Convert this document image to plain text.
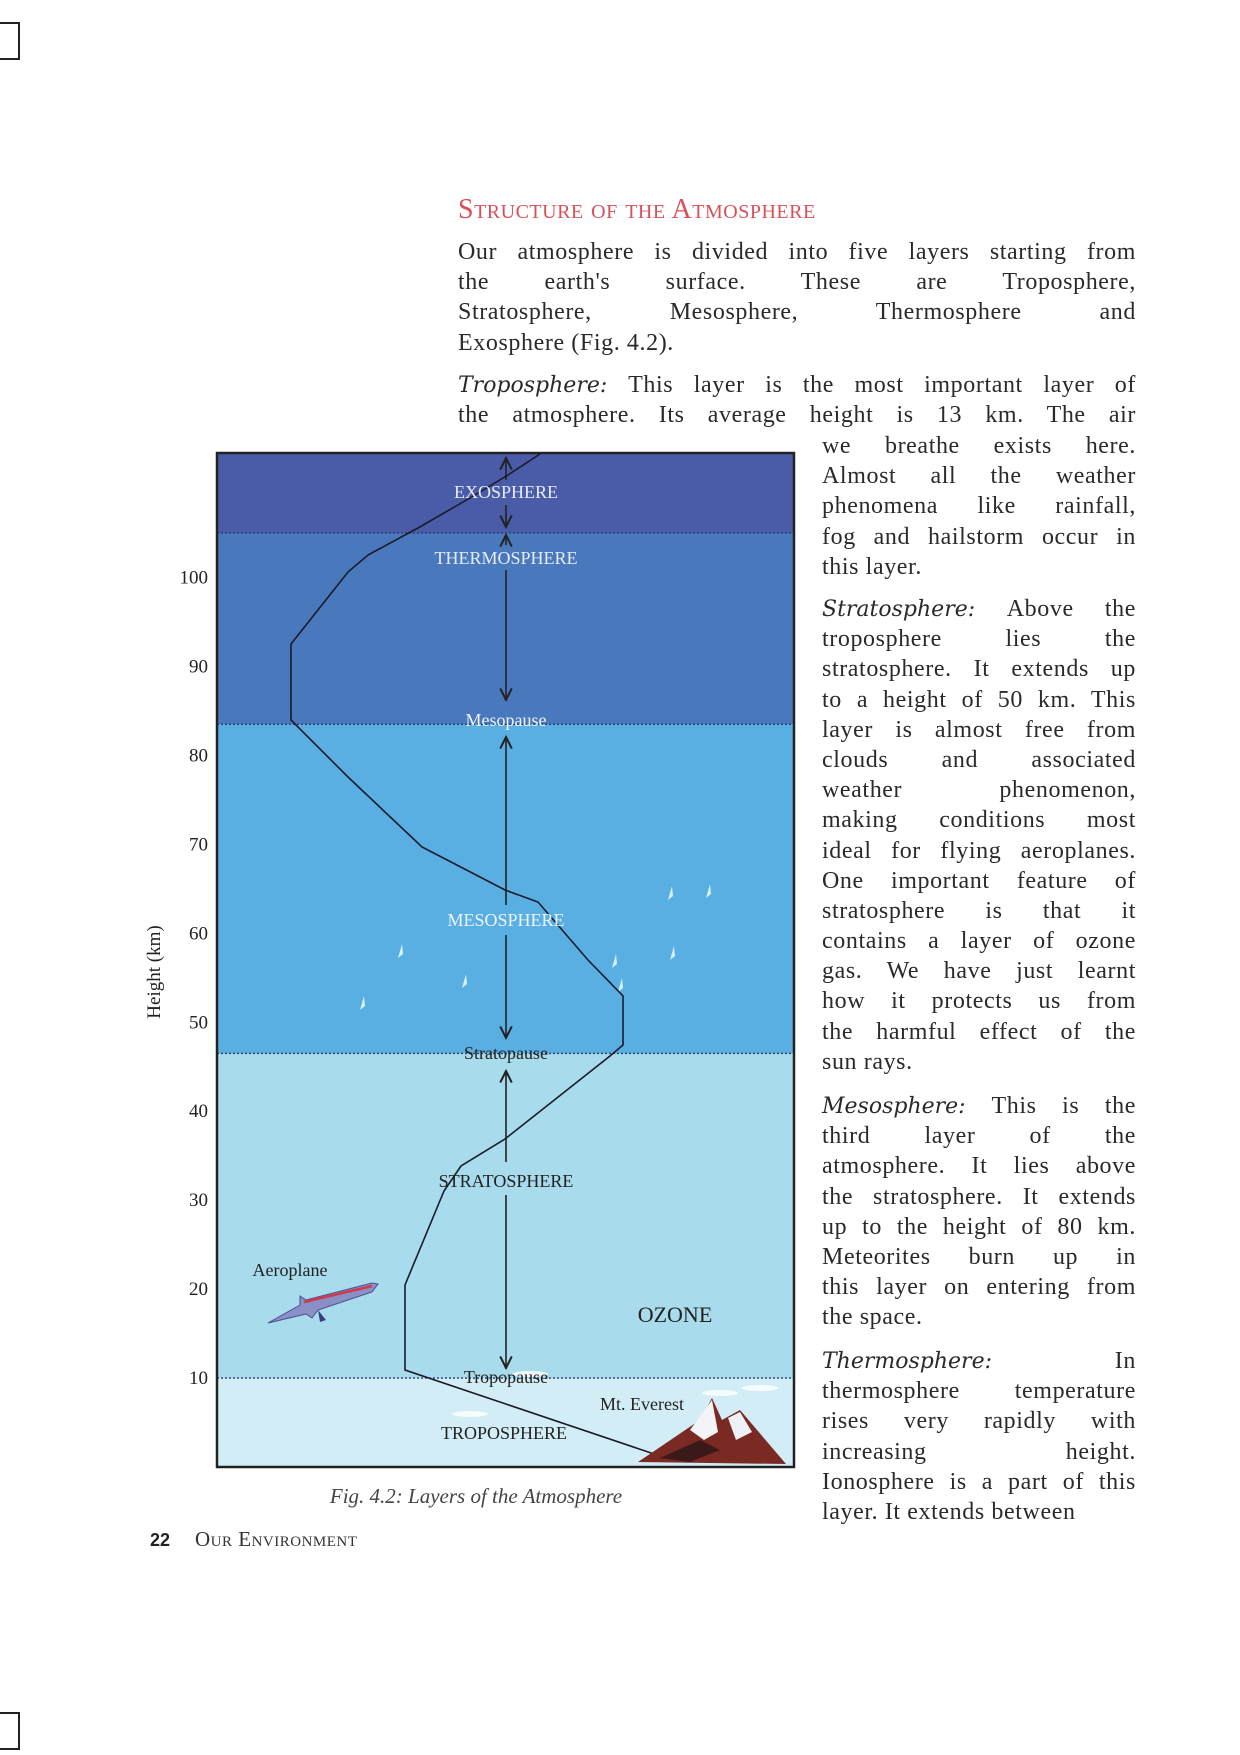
Structure of the Atmosphere
Our atmosphere is divided into five layers starting from
the earth's surface. These are Troposphere,
Stratosphere, Mesosphere, Thermosphere and
Exosphere (Fig. 4.2).
Troposphere: This layer is the most important layer of
the atmosphere. Its average height is 13 km. The air
we breathe exists here.
Almost all the weather
phenomena like rainfall,
fog and hailstorm occur in
this layer.
Stratosphere: Above the
troposphere lies the
stratosphere. It extends up
to a height of 50 km. This
layer is almost free from
clouds and associated
weather phenomenon,
making conditions most
ideal for flying aeroplanes.
One important feature of
stratosphere is that it
contains a layer of ozone
gas. We have just learnt
how it protects us from
the harmful effect of the
sun rays.
Mesosphere: This is the
third layer of the
atmosphere. It lies above
the stratosphere. It extends
up to the height of 80 km.
Meteorites burn up in
this layer on entering from
the space.
Thermosphere: In
thermosphere temperature
rises very rapidly with
increasing height.
Ionosphere is a part of this
layer. It extends between
10
20
30
40
50
60
70
80
90
100
Height (km)
EXOSPHERE
THERMOSPHERE
Mesopause
MESOSPHERE
Stratopause
STRATOSPHERE
Tropopause
TROPOSPHERE
Aeroplane
OZONE
Mt. Everest
Fig. 4.2: Layers of the Atmosphere
22 Our Environment
